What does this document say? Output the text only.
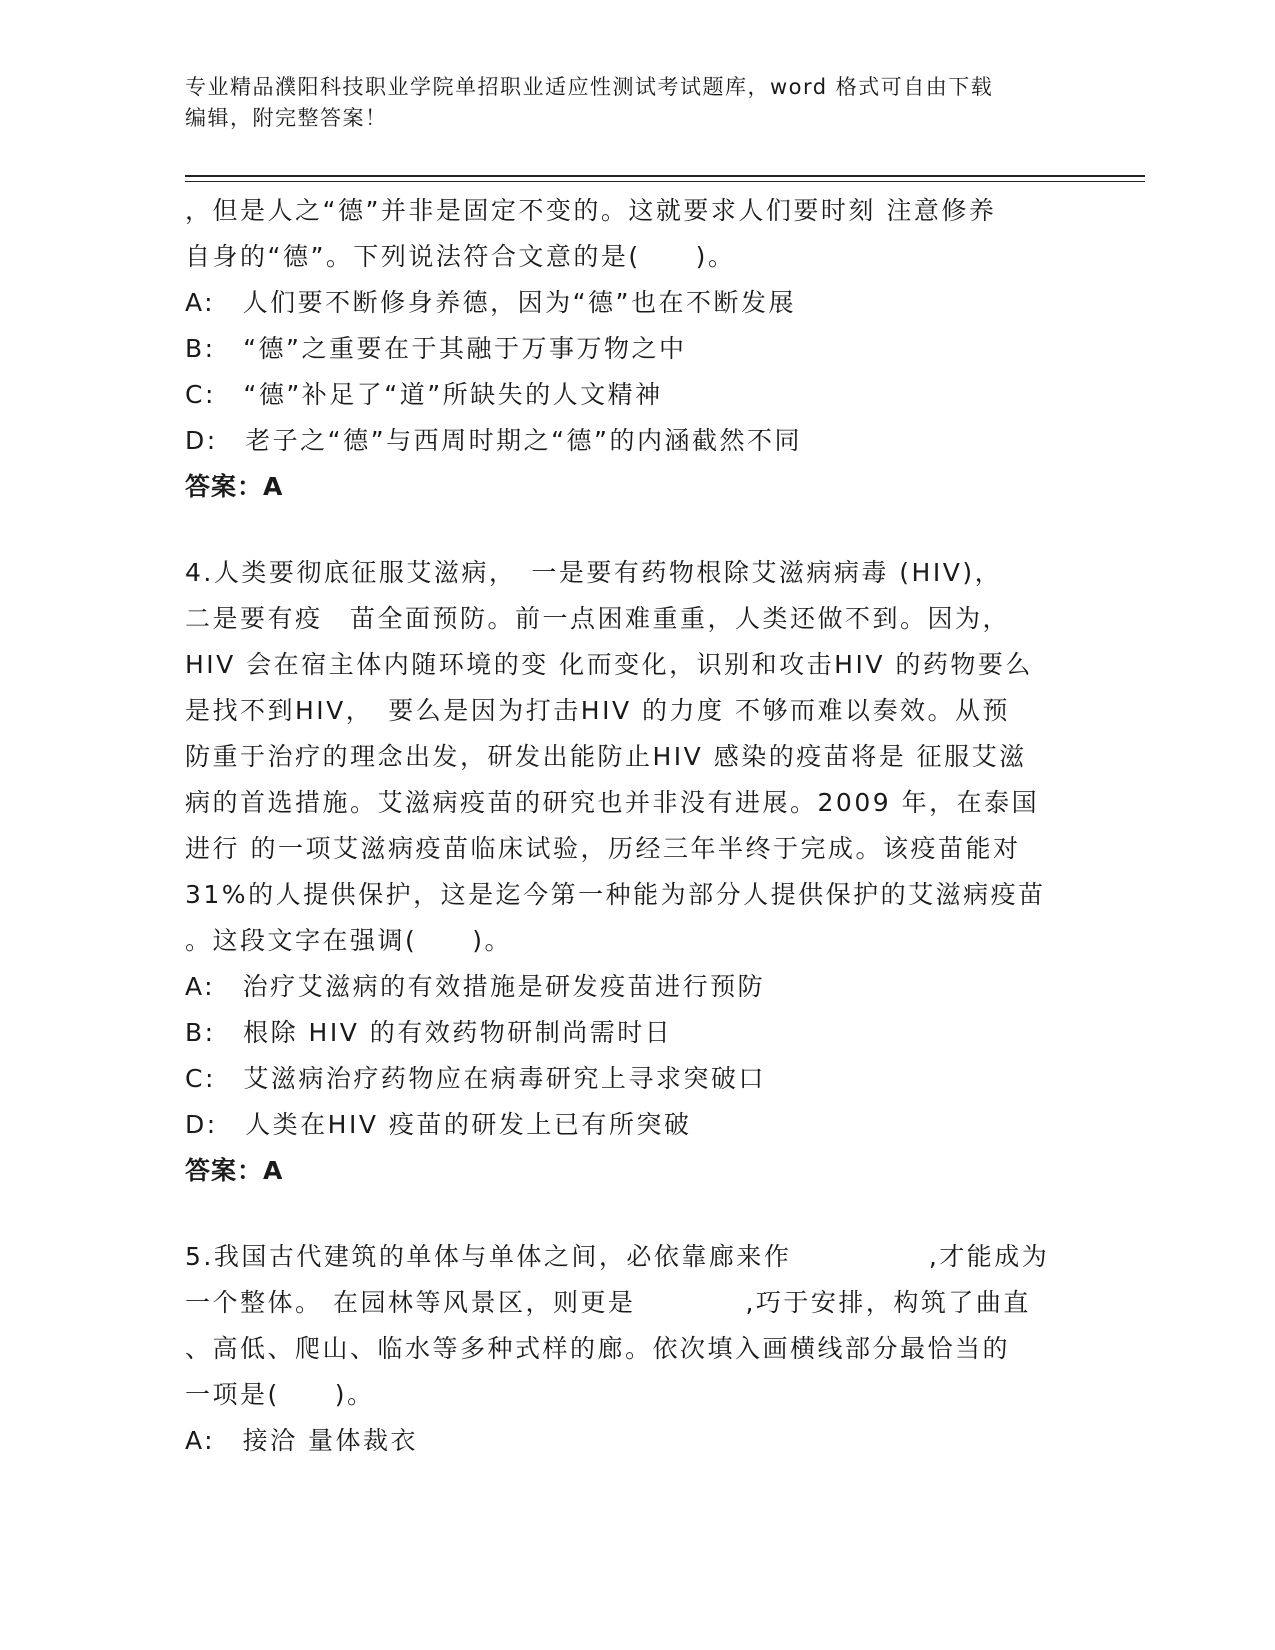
专业精品濮阳科技职业学院单招职业适应性测试考试题库，word 格式可自由下载
编辑，附完整答案！
，但是人之“德”并非是固定不变的。这就要求人们要时刻 注意修养
自身的“德”。下列说法符合文意的是(　　)。
A:　人们要不断修身养德，因为“德”也在不断发展
B:　“德”之重要在于其融于万事万物之中
C:　“德”补足了“道”所缺失的人文精神
D:　老子之“德”与西周时期之“德”的内涵截然不同
答案：A
4.人类要彻底征服艾滋病，　一是要有药物根除艾滋病病毒 (HIV)，
二是要有疫　苗全面预防。前一点困难重重，人类还做不到。因为，
HIV 会在宿主体内随环境的变 化而变化，识别和攻击HIV 的药物要么
是找不到HIV，　要么是因为打击HIV 的力度 不够而难以奏效。从预
防重于治疗的理念出发，研发出能防止HIV 感染的疫苗将是 征服艾滋
病的首选措施。艾滋病疫苗的研究也并非没有进展。2009 年，在泰国
进行 的一项艾滋病疫苗临床试验，历经三年半终于完成。该疫苗能对
31%的人提供保护，这是迄今第一种能为部分人提供保护的艾滋病疫苗
。这段文字在强调(　　)。
A:　治疗艾滋病的有效措施是研发疫苗进行预防
B:　根除 HIV 的有效药物研制尚需时日
C:　艾滋病治疗药物应在病毒研究上寻求突破口
D:　人类在HIV 疫苗的研发上已有所突破
答案：A
5.我国古代建筑的单体与单体之间，必依靠廊来作　　　　　,才能成为
一个整体。 在园林等风景区，则更是　　　　,巧于安排，构筑了曲直
、高低、爬山、临水等多种式样的廊。依次填入画横线部分最恰当的
一项是(　　)。
A:　接洽 量体裁衣
